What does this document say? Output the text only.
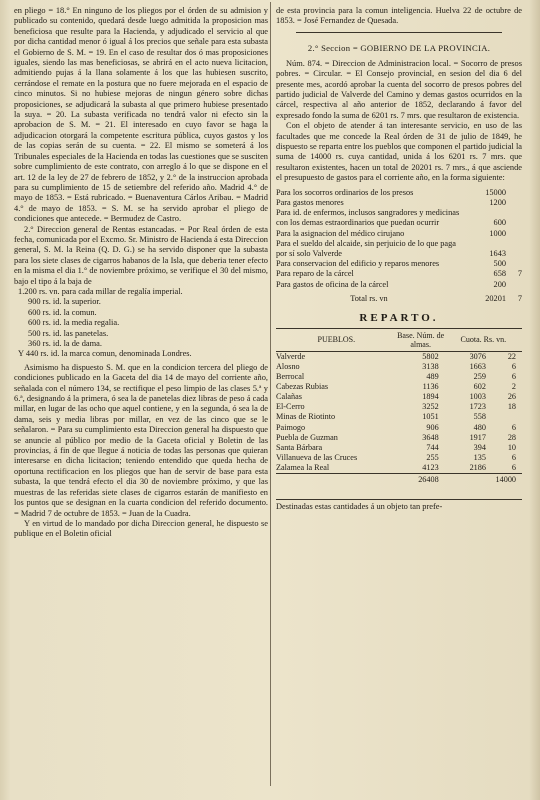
en pliego = 18.° En ninguno de los pliegos por el órden de su admision y publicado su contenido, quedará desde luego admitida la proposicion mas beneficiosa que resulte para la Hacienda, y adjudicado el servicio al que por dicha cantidad menor ó igual á los precios que señale para esta subasta el Gobierno de S. M. = 19. En el caso de resultar dos ó mas proposiciones iguales, siendo las mas beneficiosas, se abrirá en el acto nueva licitacion, admitiendo pujas á la llana solamente á los que las hubiesen suscrito, cerrándose el remate en la postura que no fuere mejorada en el espacio de cinco minutos. Si no hubiese mejoras de ningun género sobre dichas proposiciones, se adjudicará la subasta al que primero hubiese presentado la suya. = 20. La subasta verificada no tendrá valor ni efecto sin la aprobacion de S. M. = 21. El interesado en cuyo favor se haga la adjudicacion otorgará la competente escritura pública, cuyos gastos y los de las copias serán de su cuenta. = 22. El mismo se someterá á los Tribunales especiales de la Hacienda en todas las cuestiones que se susciten sobre cumplimiento de este contrato, con arreglo á lo que se dispone en el art. 12 de la ley de 27 de febrero de 1852, y 2.° de la instruccion aprobada para su cumplimiento de 15 de setiembre del referido año. Madrid 4.° de mayo de 1853. = Está rubricado. = Buenaventura Cárlos Aribau. = Madrid 4.° de mayo de 1853. = S. M. se ha servido aprobar el pliego de condiciones que antecede. = Bermudez de Castro.

2.° Direccion general de Rentas estancadas. = Por Real órden de esta fecha, comunicada por el Excmo. Sr. Ministro de Hacienda á esta Direccion general, S. M. la Reina (Q. D. G.) se ha servido disponer que la subasta para los siete clases de cigarros habanos de la Isla, que deberia tener efecto en la misma el dia 1.° de noviembre próximo, se verifique el 30 del mismo, bajo el tipo á la baja de

1.200 rs. vn. para cada millar de regalía imperial.

900 rs. id. la superior.

600 rs. id. la comun.

600 rs. id. la media regalia.

500 rs. id. las panetelas.

360 rs. id. la de dama.

Y 440 rs. id. la marca comun, denominada Londres.

Asimismo ha dispuesto S. M. que en la condicion tercera del pliego de condiciones publicado en la Gaceta del dia 14 de mayo del corriente año, señalada con el número 134, se rectifique el peso limpio de las clases 5.ª y 6.ª, designando á la primera, ó sea la de panetelas diez libras de peso á cada millar, en lugar de las ocho que aquel contiene, y en la segunda, ó sea la de dama, seis y media libras por millar, en vez de las cinco que se le señalaron. = Para su cumplimiento esta Direccion general ha dispuesto que se anuncie al público por medio de la Gaceta oficial y Boletin de las provincias, á fin de que llegue á noticia de todas las personas que quieran interesarse en dicha licitacion; teniendo entendido que queda hecha de oportuna rectificacion en los pliegos que han de servir de base para esta subasta, la que tendrá efecto el dia 30 de noviembre próximo, y que las muestras de las referidas siete clases de cigarros estarán de manifiesto en los puntos que se designan en la cuarta condicion del referido documento. = Madrid 7 de octubre de 1853. = Juan de la Cuadra.

Y en virtud de lo mandado por dicha Direccion general, he dispuesto se publique en el Boletin oficial

de esta provincia para la comun inteligencia. Huelva 22 de octubre de 1853. = José Fernandez de Quesada.

2.° Seccion = GOBIERNO DE LA PROVINCIA.

Núm. 874. = Direccion de Administracion local. = Socorro de presos pobres. = Circular. = El Consejo provincial, en sesion del dia 6 del presente mes, acordó aprobar la cuenta del socorro de presos pobres del partido judicial de Valverde del Camino y demas gastos ocurridos en la cárcel, respectiva al año anterior de 1852, declarando á favor del expresado fondo la suma de 6201 rs. 7 mrs. que resultaron de existencia.

Con el objeto de atender á tan interesante servicio, en uso de las facultades que me concede la Real órden de 31 de julio de 1849, he dispuesto se reparta entre los pueblos que componen el partido judicial la suma de 14000 rs. cuya cantidad, unida á los 6201 rs. 7 mrs. que resultaron existentes, hacen un total de 20201 rs. 7 mrs., á que asciende el presupuesto de gastos para el corriente año, en la forma siguiente:

Para los socorros ordinarios de los presos	15000	
Para gastos menores	1200	
Para id. de enfermos, inclusos sangradores y medicinas con los demas estraordinarios que puedan ocurrir	600	
Para la asignacion del médico cirujano	1000	
Para el sueldo del alcaide, sin perjuicio de lo que paga por sí solo Valverde	1643	
Para conservacion del edificio y reparos menores	500	
Para reparo de la cárcel	658	7
Para gastos de oficina de la cárcel	200	
Total rs. vn	20201	7
REPARTO.
PUEBLOS.	Base. Núm. de almas.	Cuota. Rs. vn.	
Valverde	5802	3076	22
Alosno	3138	1663	6
Berrocal	489	259	6
Cabezas Rubias	1136	602	2
Calañas	1894	1003	26
El-Cerro	3252	1723	18
Minas de Riotinto	1051	558	
Paimogo	906	480	6
Puebla de Guzman	3648	1917	28
Santa Bárbara	744	394	10
Villanueva de las Cruces	255	135	6
Zalamea la Real	4123	2186	6
	26408	14000	
Destinadas estas cantidades á un objeto tan prefe-
